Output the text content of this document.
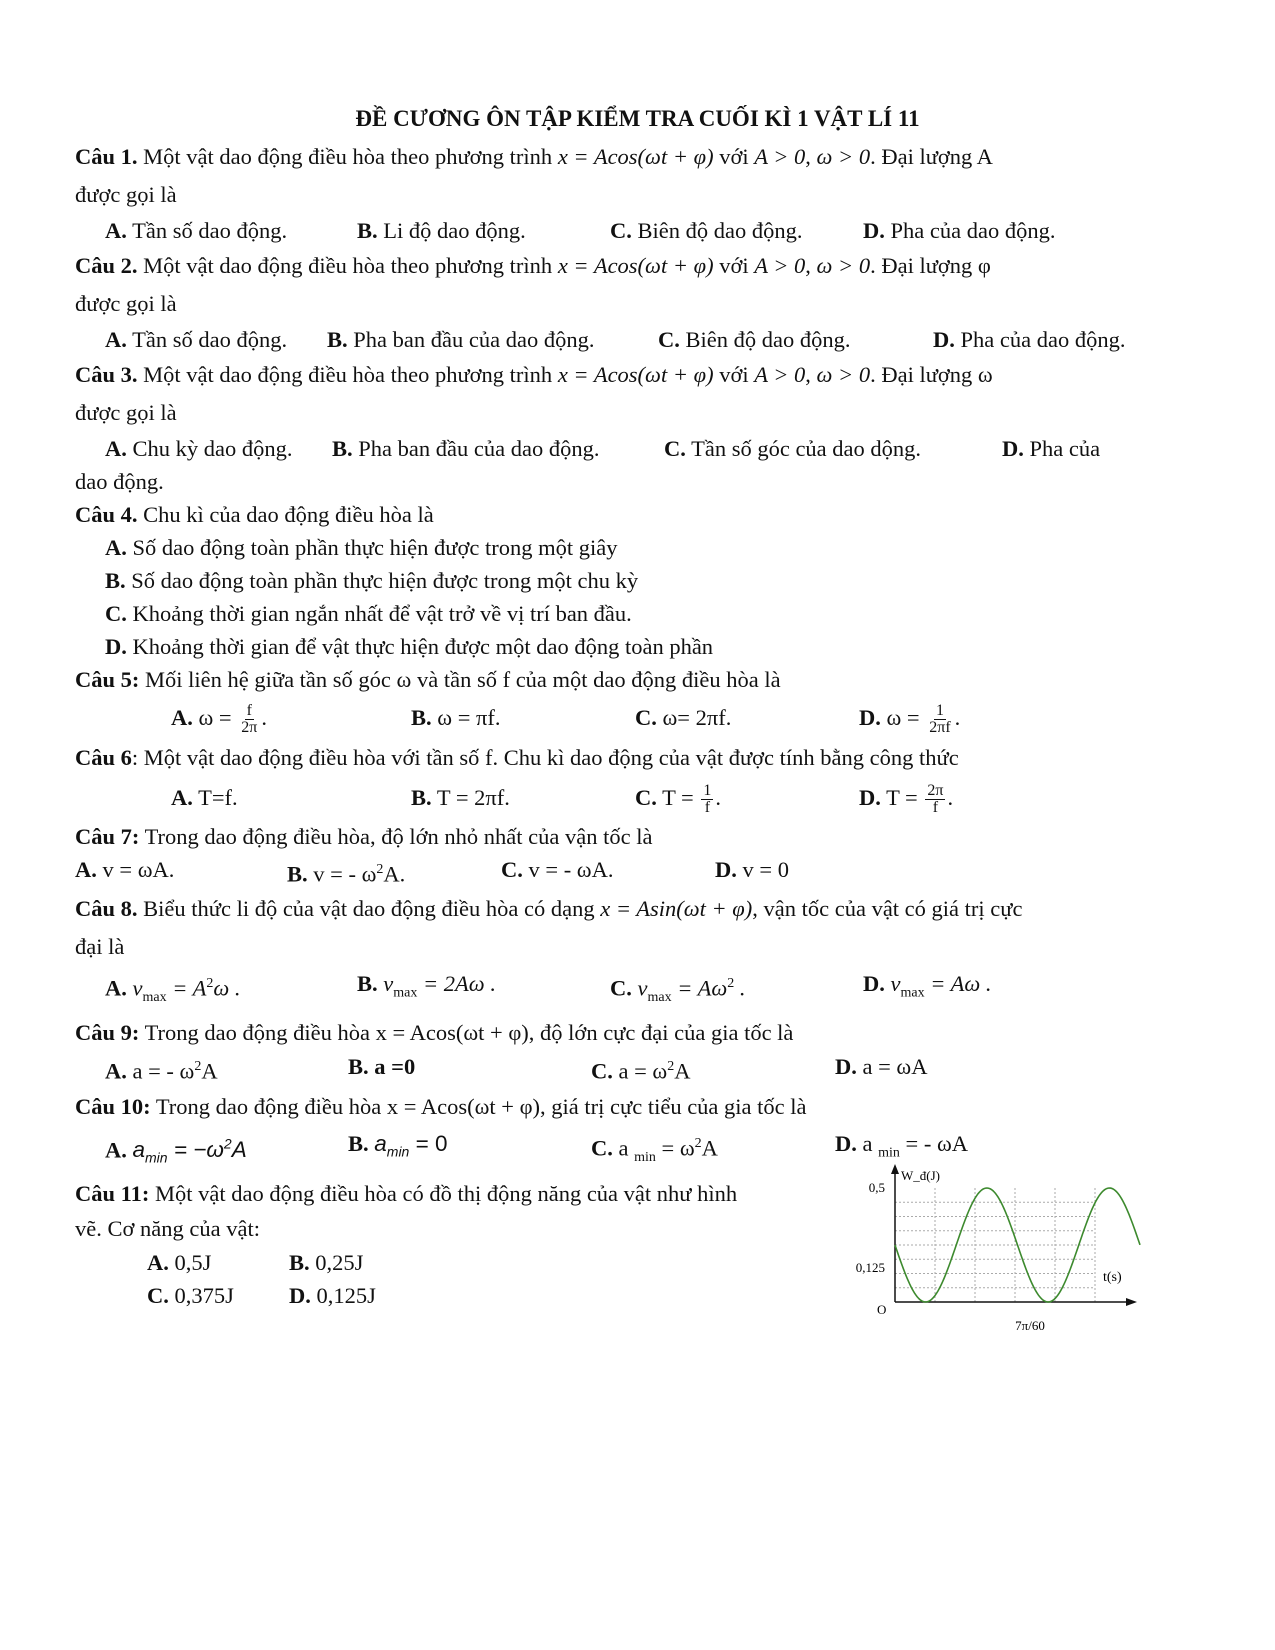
ĐỀ CƯƠNG ÔN TẬP KIỂM TRA CUỐI KÌ 1 VẬT LÍ 11
Câu 1. Một vật dao động điều hòa theo phương trình x = Acos(ωt + φ) với A > 0, ω > 0. Đại lượng A
được gọi là
A. Tần số dao động.	B. Li độ dao động.	C. Biên độ dao động.	D. Pha của dao động.
Câu 2. Một vật dao động điều hòa theo phương trình x = Acos(ωt + φ) với A > 0, ω > 0. Đại lượng φ
được gọi là
A. Tần số dao động.	B. Pha ban đầu của dao động.	C. Biên độ dao động.	D. Pha của dao động.
Câu 3. Một vật dao động điều hòa theo phương trình x = Acos(ωt + φ) với A > 0, ω > 0. Đại lượng ω
được gọi là
A. Chu kỳ dao động.	B. Pha ban đầu của dao động.	C. Tần số góc của dao dộng.	D. Pha của
dao động.
Câu 4. Chu kì của dao động điều hòa là
A. Số dao động toàn phần thực hiện được trong một giây
B. Số dao động toàn phần thực hiện được trong một chu kỳ
C. Khoảng thời gian ngắn nhất để vật trở về vị trí ban đầu.
D. Khoảng thời gian để vật thực hiện được một dao động toàn phần
Câu 5: Mối liên hệ giữa tần số góc ω và tần số f của một dao động điều hòa là
A. $\omega = \frac{f}{2\pi}$ .	B. ω = πf.	C. ω= 2πf.	D. $\omega = \frac{1}{2\pi f}$ .
Câu 6: Một vật dao động điều hòa với tần số f. Chu kì dao động của vật được tính bằng công thức
A. T=f.	B. T = 2πf.	C. $T = \frac{1}{f}$ .	D. $T = \frac{2\pi}{f}$ .
Câu 7: Trong dao động điều hòa, độ lớn nhỏ nhất của vận tốc là
A. v = ωA.	B. v = - $\omega^2A$.	C. v = - ωA.	D. v = 0
Câu 8. Biểu thức li độ của vật dao động điều hòa có dạng x = Asin(ωt + φ), vận tốc của vật có giá trị cực
đại là
A. $v_{max} = A^2\omega$ .	B. $v_{max} = 2A\omega$ .	C. $v_{max} = A\omega^2$ .	D. $v_{max} = A\omega$ .
Câu 9: Trong dao động điều hòa x = Acos(ωt + φ), độ lớn cực đại của gia tốc là
A. a = - $\omega^2A$	B. a =0	C. $a = \omega^2A$	D. a = ωA
Câu 10: Trong dao động điều hòa x = Acos(ωt + φ), giá trị cực tiểu của gia tốc là
A. $a_{min} = -\omega^2A$	B. $a_{min} = 0$	C. a $_{min} = \omega^2A$	D. a $_{min}$ = - ωA
Câu 11: Một vật dao động điều hòa có đồ thị động năng của vật như hình
vẽ. Cơ năng của vật:
A. 0,5J	B. 0,25J
C. 0,375J	D. 0,125J
W_đ(J)
0,5
0,125
t(s)
O
7π/60
